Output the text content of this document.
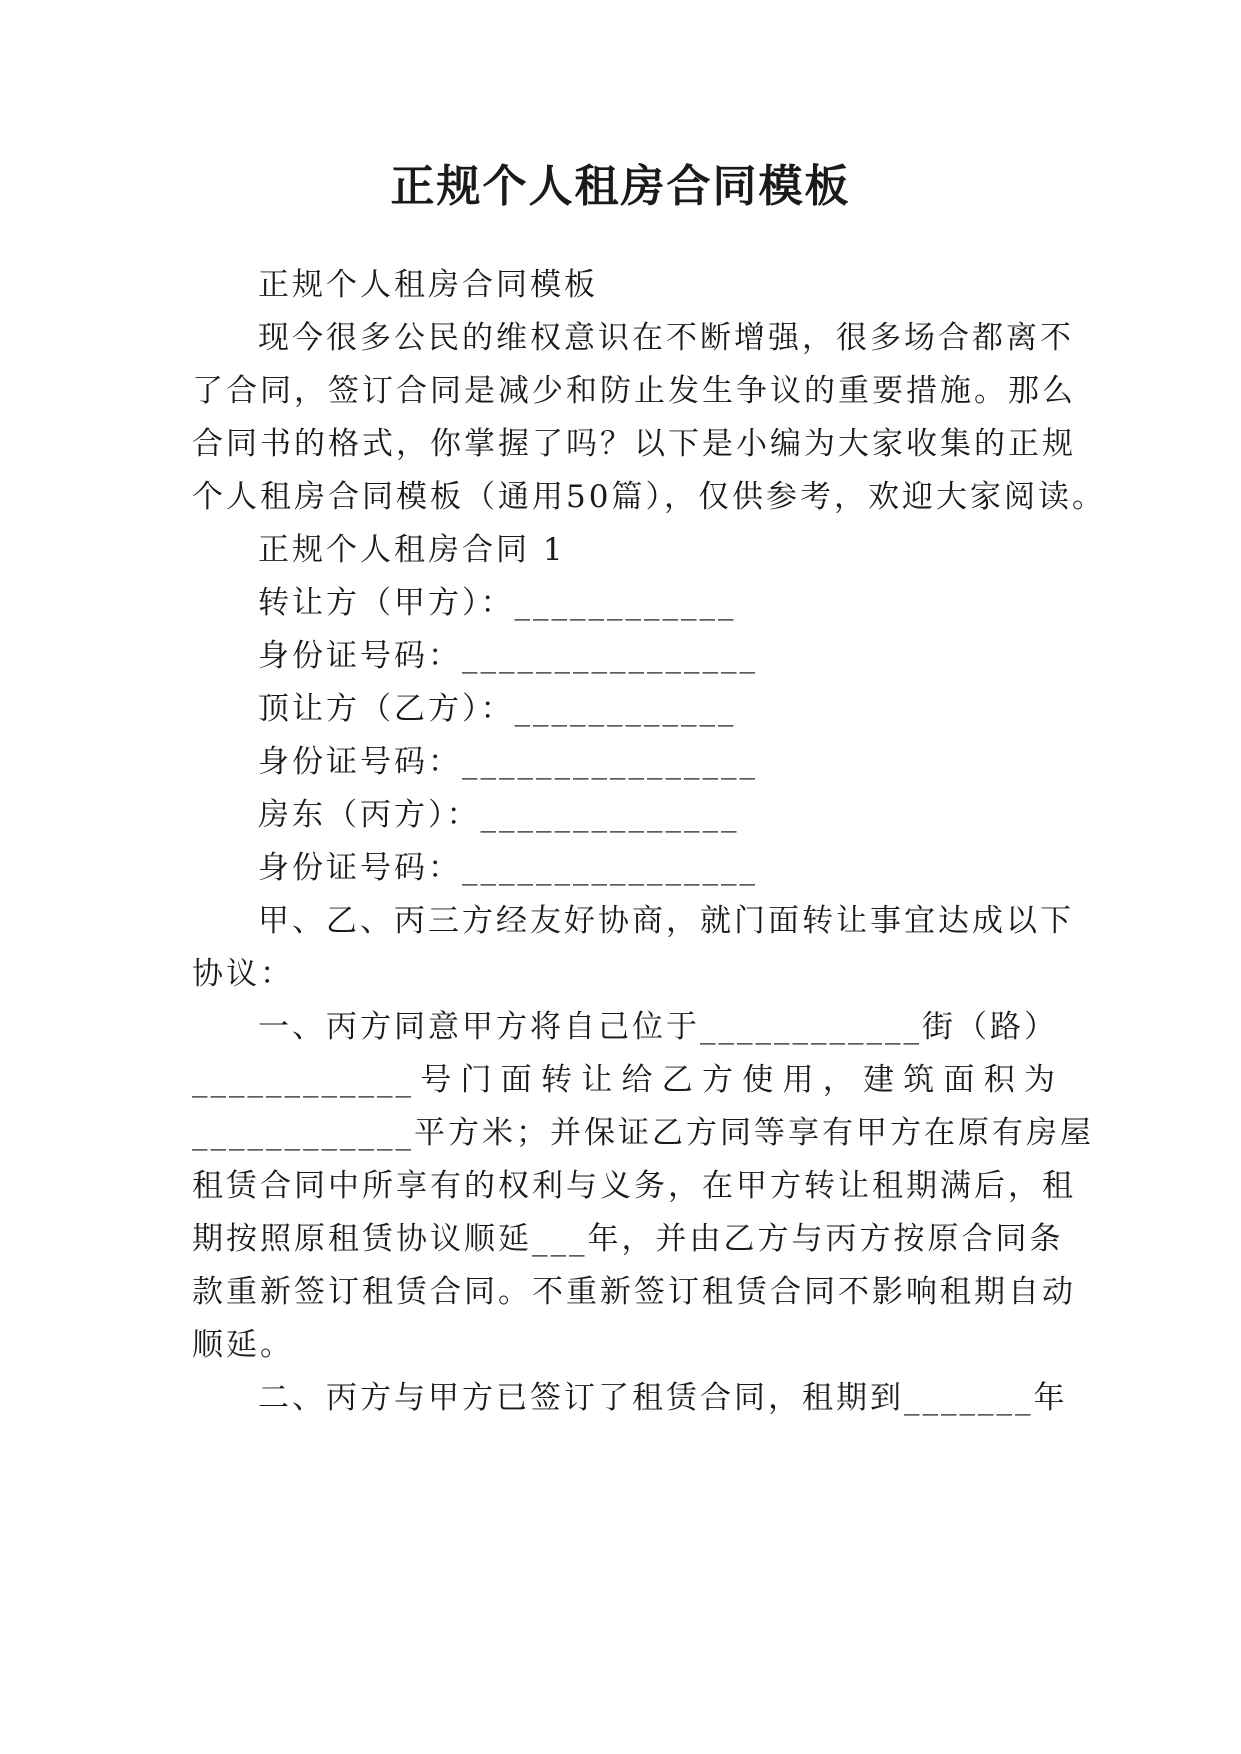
正规个人租房合同模板
正规个人租房合同模板
现今很多公民的维权意识在不断增强，很多场合都离不
了合同，签订合同是减少和防止发生争议的重要措施。那么
合同书的格式，你掌握了吗？以下是小编为大家收集的正规
个人租房合同模板（通用50篇），仅供参考，欢迎大家阅读。
正规个人租房合同 1
转让方（甲方）：____________
身份证号码：________________
顶让方（乙方）：____________
身份证号码：________________
房东（丙方）：______________
身份证号码：________________
甲、乙、丙三方经友好协商，就门面转让事宜达成以下
协议：
一、丙方同意甲方将自己位于____________街（路）
____________号门面转让给乙方使用，建筑面积为
____________平方米；并保证乙方同等享有甲方在原有房屋
租赁合同中所享有的权利与义务，在甲方转让租期满后，租
期按照原租赁协议顺延___年，并由乙方与丙方按原合同条
款重新签订租赁合同。不重新签订租赁合同不影响租期自动
顺延。
二、丙方与甲方已签订了租赁合同，租期到_______年
